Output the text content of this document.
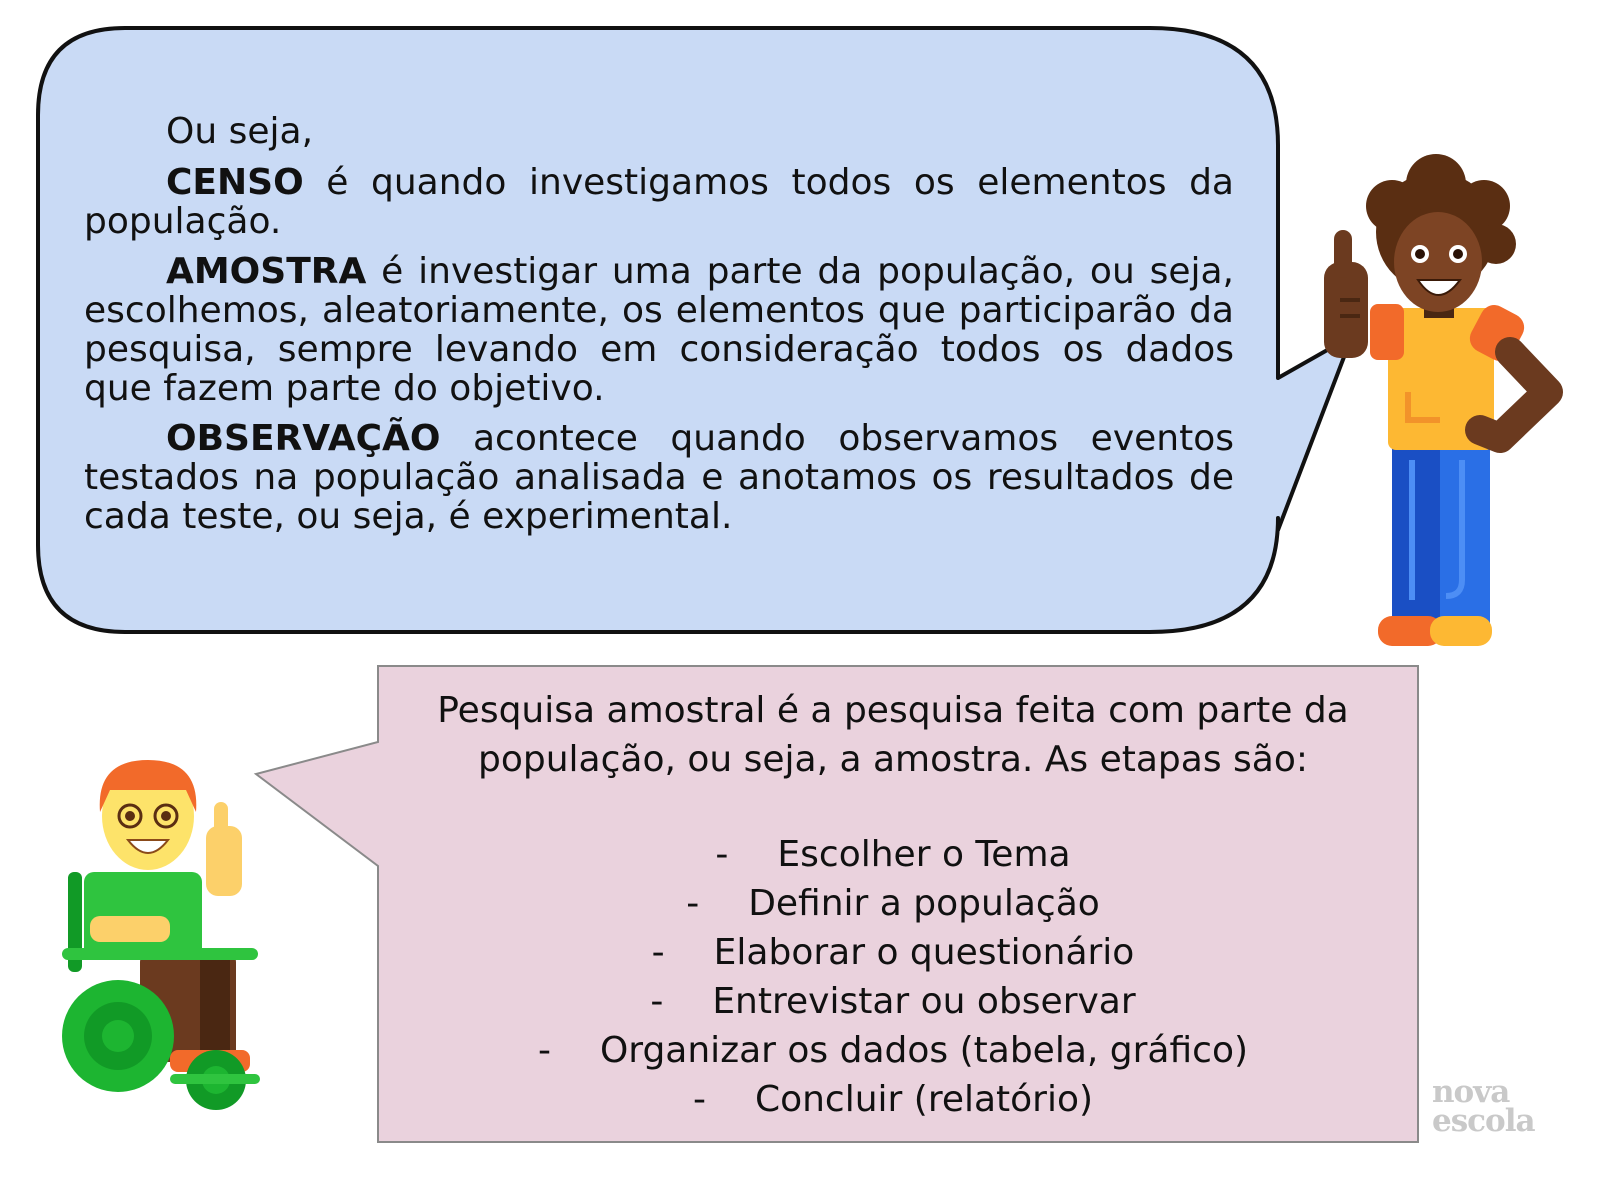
Ou seja,

CENSO é quando investigamos todos os elementos da população.

AMOSTRA é investigar uma parte da população, ou seja, escolhemos, aleatoriamente, os elementos que participarão da pesquisa, sempre levando em consideração todos os dados que fazem parte do objetivo.

OBSERVAÇÃO acontece quando observamos eventos testados na população analisada e anotamos os resultados de cada teste, ou seja, é experimental.

Pesquisa amostral é a pesquisa feita com parte da população, ou seja, a amostra. As etapas são:

- Escolher o Tema
- Definir a população
- Elaborar o questionário
- Entrevistar ou observar
- Organizar os dados (tabela, gráfico)
- Concluir (relatório)	nova
escola
